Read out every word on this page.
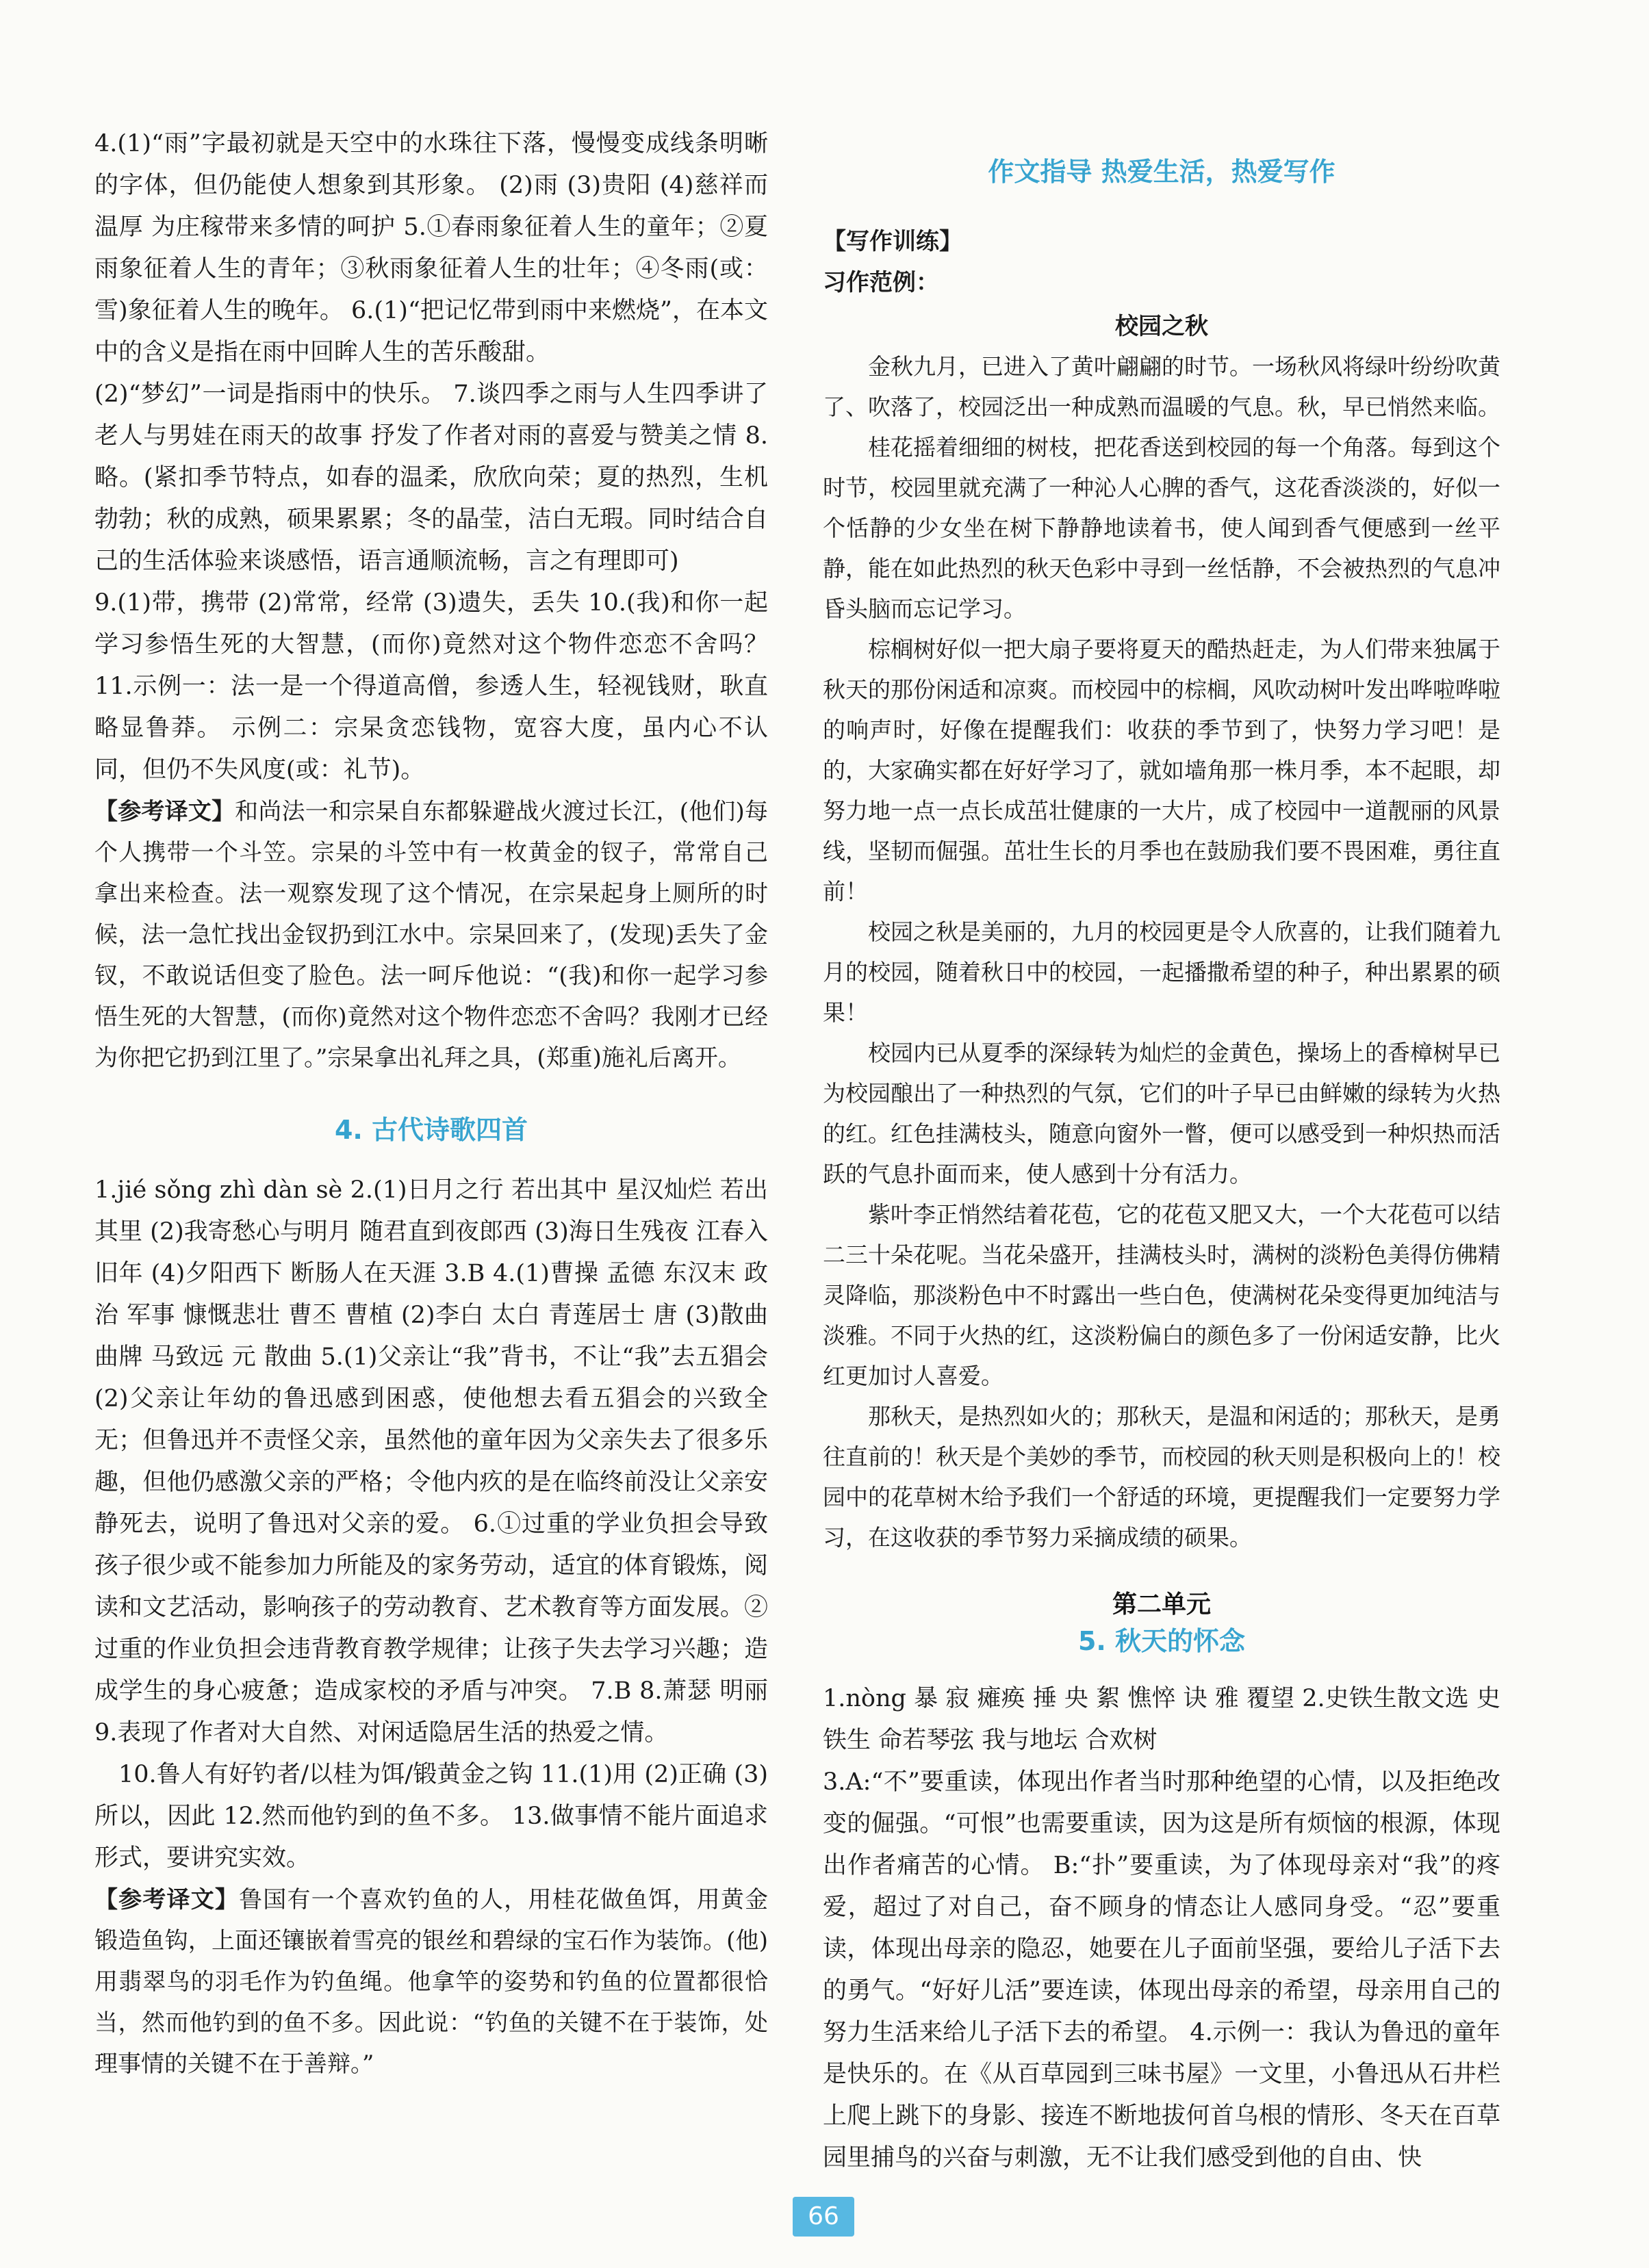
4.(1)“雨”字最初就是天空中的水珠往下落，慢慢变成线条明晰的字体，但仍能使人想象到其形象。 (2)雨 (3)贵阳 (4)慈祥而温厚 为庄稼带来多情的呵护 5.①春雨象征着人生的童年；②夏雨象征着人生的青年；③秋雨象征着人生的壮年；④冬雨(或：雪)象征着人生的晚年。 6.(1)“把记忆带到雨中来燃烧”，在本文中的含义是指在雨中回眸人生的苦乐酸甜。

(2)“梦幻”一词是指雨中的快乐。 7.谈四季之雨与人生四季讲了老人与男娃在雨天的故事 抒发了作者对雨的喜爱与赞美之情 8.略。(紧扣季节特点，如春的温柔，欣欣向荣；夏的热烈，生机勃勃；秋的成熟，硕果累累；冬的晶莹，洁白无瑕。同时结合自己的生活体验来谈感悟，语言通顺流畅，言之有理即可)

9.(1)带，携带 (2)常常，经常 (3)遗失，丢失 10.(我)和你一起学习参悟生死的大智慧，(而你)竟然对这个物件恋恋不舍吗？ 11.示例一：法一是一个得道高僧，参透人生，轻视钱财，耿直略显鲁莽。 示例二：宗杲贪恋钱物，宽容大度，虽内心不认同，但仍不失风度(或：礼节)。

【参考译文】和尚法一和宗杲自东都躲避战火渡过长江，(他们)每个人携带一个斗笠。宗杲的斗笠中有一枚黄金的钗子，常常自己拿出来检查。法一观察发现了这个情况，在宗杲起身上厕所的时候，法一急忙找出金钗扔到江水中。宗杲回来了，(发现)丢失了金钗，不敢说话但变了脸色。法一呵斥他说：“(我)和你一起学习参悟生死的大智慧，(而你)竟然对这个物件恋恋不舍吗？我刚才已经为你把它扔到江里了。”宗杲拿出礼拜之具，(郑重)施礼后离开。

4. 古代诗歌四首

1.jié sǒng zhì dàn sè 2.(1)日月之行 若出其中 星汉灿烂 若出其里 (2)我寄愁心与明月 随君直到夜郎西 (3)海日生残夜 江春入旧年 (4)夕阳西下 断肠人在天涯 3.B 4.(1)曹操 孟德 东汉末 政治 军事 慷慨悲壮 曹丕 曹植 (2)李白 太白 青莲居士 唐 (3)散曲 曲牌 马致远 元 散曲 5.(1)父亲让“我”背书，不让“我”去五猖会 (2)父亲让年幼的鲁迅感到困惑，使他想去看五猖会的兴致全无；但鲁迅并不责怪父亲，虽然他的童年因为父亲失去了很多乐趣，但他仍感激父亲的严格；令他内疚的是在临终前没让父亲安静死去，说明了鲁迅对父亲的爱。 6.①过重的学业负担会导致孩子很少或不能参加力所能及的家务劳动，适宜的体育锻炼，阅读和文艺活动，影响孩子的劳动教育、艺术教育等方面发展。②过重的作业负担会违背教育教学规律；让孩子失去学习兴趣；造成学生的身心疲惫；造成家校的矛盾与冲突。 7.B 8.萧瑟 明丽 9.表现了作者对大自然、对闲适隐居生活的热爱之情。

10.鲁人有好钓者/以桂为饵/锻黄金之钩 11.(1)用 (2)正确 (3)所以，因此 12.然而他钓到的鱼不多。 13.做事情不能片面追求形式，要讲究实效。

【参考译文】鲁国有一个喜欢钓鱼的人，用桂花做鱼饵，用黄金锻造鱼钩，上面还镶嵌着雪亮的银丝和碧绿的宝石作为装饰。(他)用翡翠鸟的羽毛作为钓鱼绳。他拿竿的姿势和钓鱼的位置都很恰当，然而他钓到的鱼不多。因此说：“钓鱼的关键不在于装饰，处理事情的关键不在于善辩。”

作文指导 热爱生活，热爱写作

【写作训练】

习作范例：

校园之秋

金秋九月，已进入了黄叶翩翩的时节。一场秋风将绿叶纷纷吹黄了、吹落了，校园泛出一种成熟而温暖的气息。秋，早已悄然来临。

桂花摇着细细的树枝，把花香送到校园的每一个角落。每到这个时节，校园里就充满了一种沁人心脾的香气，这花香淡淡的，好似一个恬静的少女坐在树下静静地读着书，使人闻到香气便感到一丝平静，能在如此热烈的秋天色彩中寻到一丝恬静，不会被热烈的气息冲昏头脑而忘记学习。

棕榈树好似一把大扇子要将夏天的酷热赶走，为人们带来独属于秋天的那份闲适和凉爽。而校园中的棕榈，风吹动树叶发出哗啦哗啦的响声时，好像在提醒我们：收获的季节到了，快努力学习吧！是的，大家确实都在好好学习了，就如墙角那一株月季，本不起眼，却努力地一点一点长成茁壮健康的一大片，成了校园中一道靓丽的风景线，坚韧而倔强。茁壮生长的月季也在鼓励我们要不畏困难，勇往直前！

校园之秋是美丽的，九月的校园更是令人欣喜的，让我们随着九月的校园，随着秋日中的校园，一起播撒希望的种子，种出累累的硕果！

校园内已从夏季的深绿转为灿烂的金黄色，操场上的香樟树早已为校园酿出了一种热烈的气氛，它们的叶子早已由鲜嫩的绿转为火热的红。红色挂满枝头，随意向窗外一瞥，便可以感受到一种炽热而活跃的气息扑面而来，使人感到十分有活力。

紫叶李正悄然结着花苞，它的花苞又肥又大，一个大花苞可以结二三十朵花呢。当花朵盛开，挂满枝头时，满树的淡粉色美得仿佛精灵降临，那淡粉色中不时露出一些白色，使满树花朵变得更加纯洁与淡雅。不同于火热的红，这淡粉偏白的颜色多了一份闲适安静，比火红更加讨人喜爱。

那秋天，是热烈如火的；那秋天，是温和闲适的；那秋天，是勇往直前的！秋天是个美妙的季节，而校园的秋天则是积极向上的！校园中的花草树木给予我们一个舒适的环境，更提醒我们一定要努力学习，在这收获的季节努力采摘成绩的硕果。

第二单元

5. 秋天的怀念

1.nòng 暴 寂 瘫痪 捶 央 絮 憔悴 诀 雅 覆望 2.史铁生散文选 史铁生 命若琴弦 我与地坛 合欢树

3.A:“不”要重读，体现出作者当时那种绝望的心情，以及拒绝改变的倔强。“可恨”也需要重读，因为这是所有烦恼的根源，体现出作者痛苦的心情。 B:“扑”要重读，为了体现母亲对“我”的疼爱，超过了对自己，奋不顾身的情态让人感同身受。“忍”要重读，体现出母亲的隐忍，她要在儿子面前坚强，要给儿子活下去的勇气。“好好儿活”要连读，体现出母亲的希望，母亲用自己的努力生活来给儿子活下去的希望。 4.示例一：我认为鲁迅的童年是快乐的。在《从百草园到三味书屋》一文里，小鲁迅从石井栏上爬上跳下的身影、接连不断地拔何首乌根的情形、冬天在百草园里捕鸟的兴奋与刺激，无不让我们感受到他的自由、快

66
